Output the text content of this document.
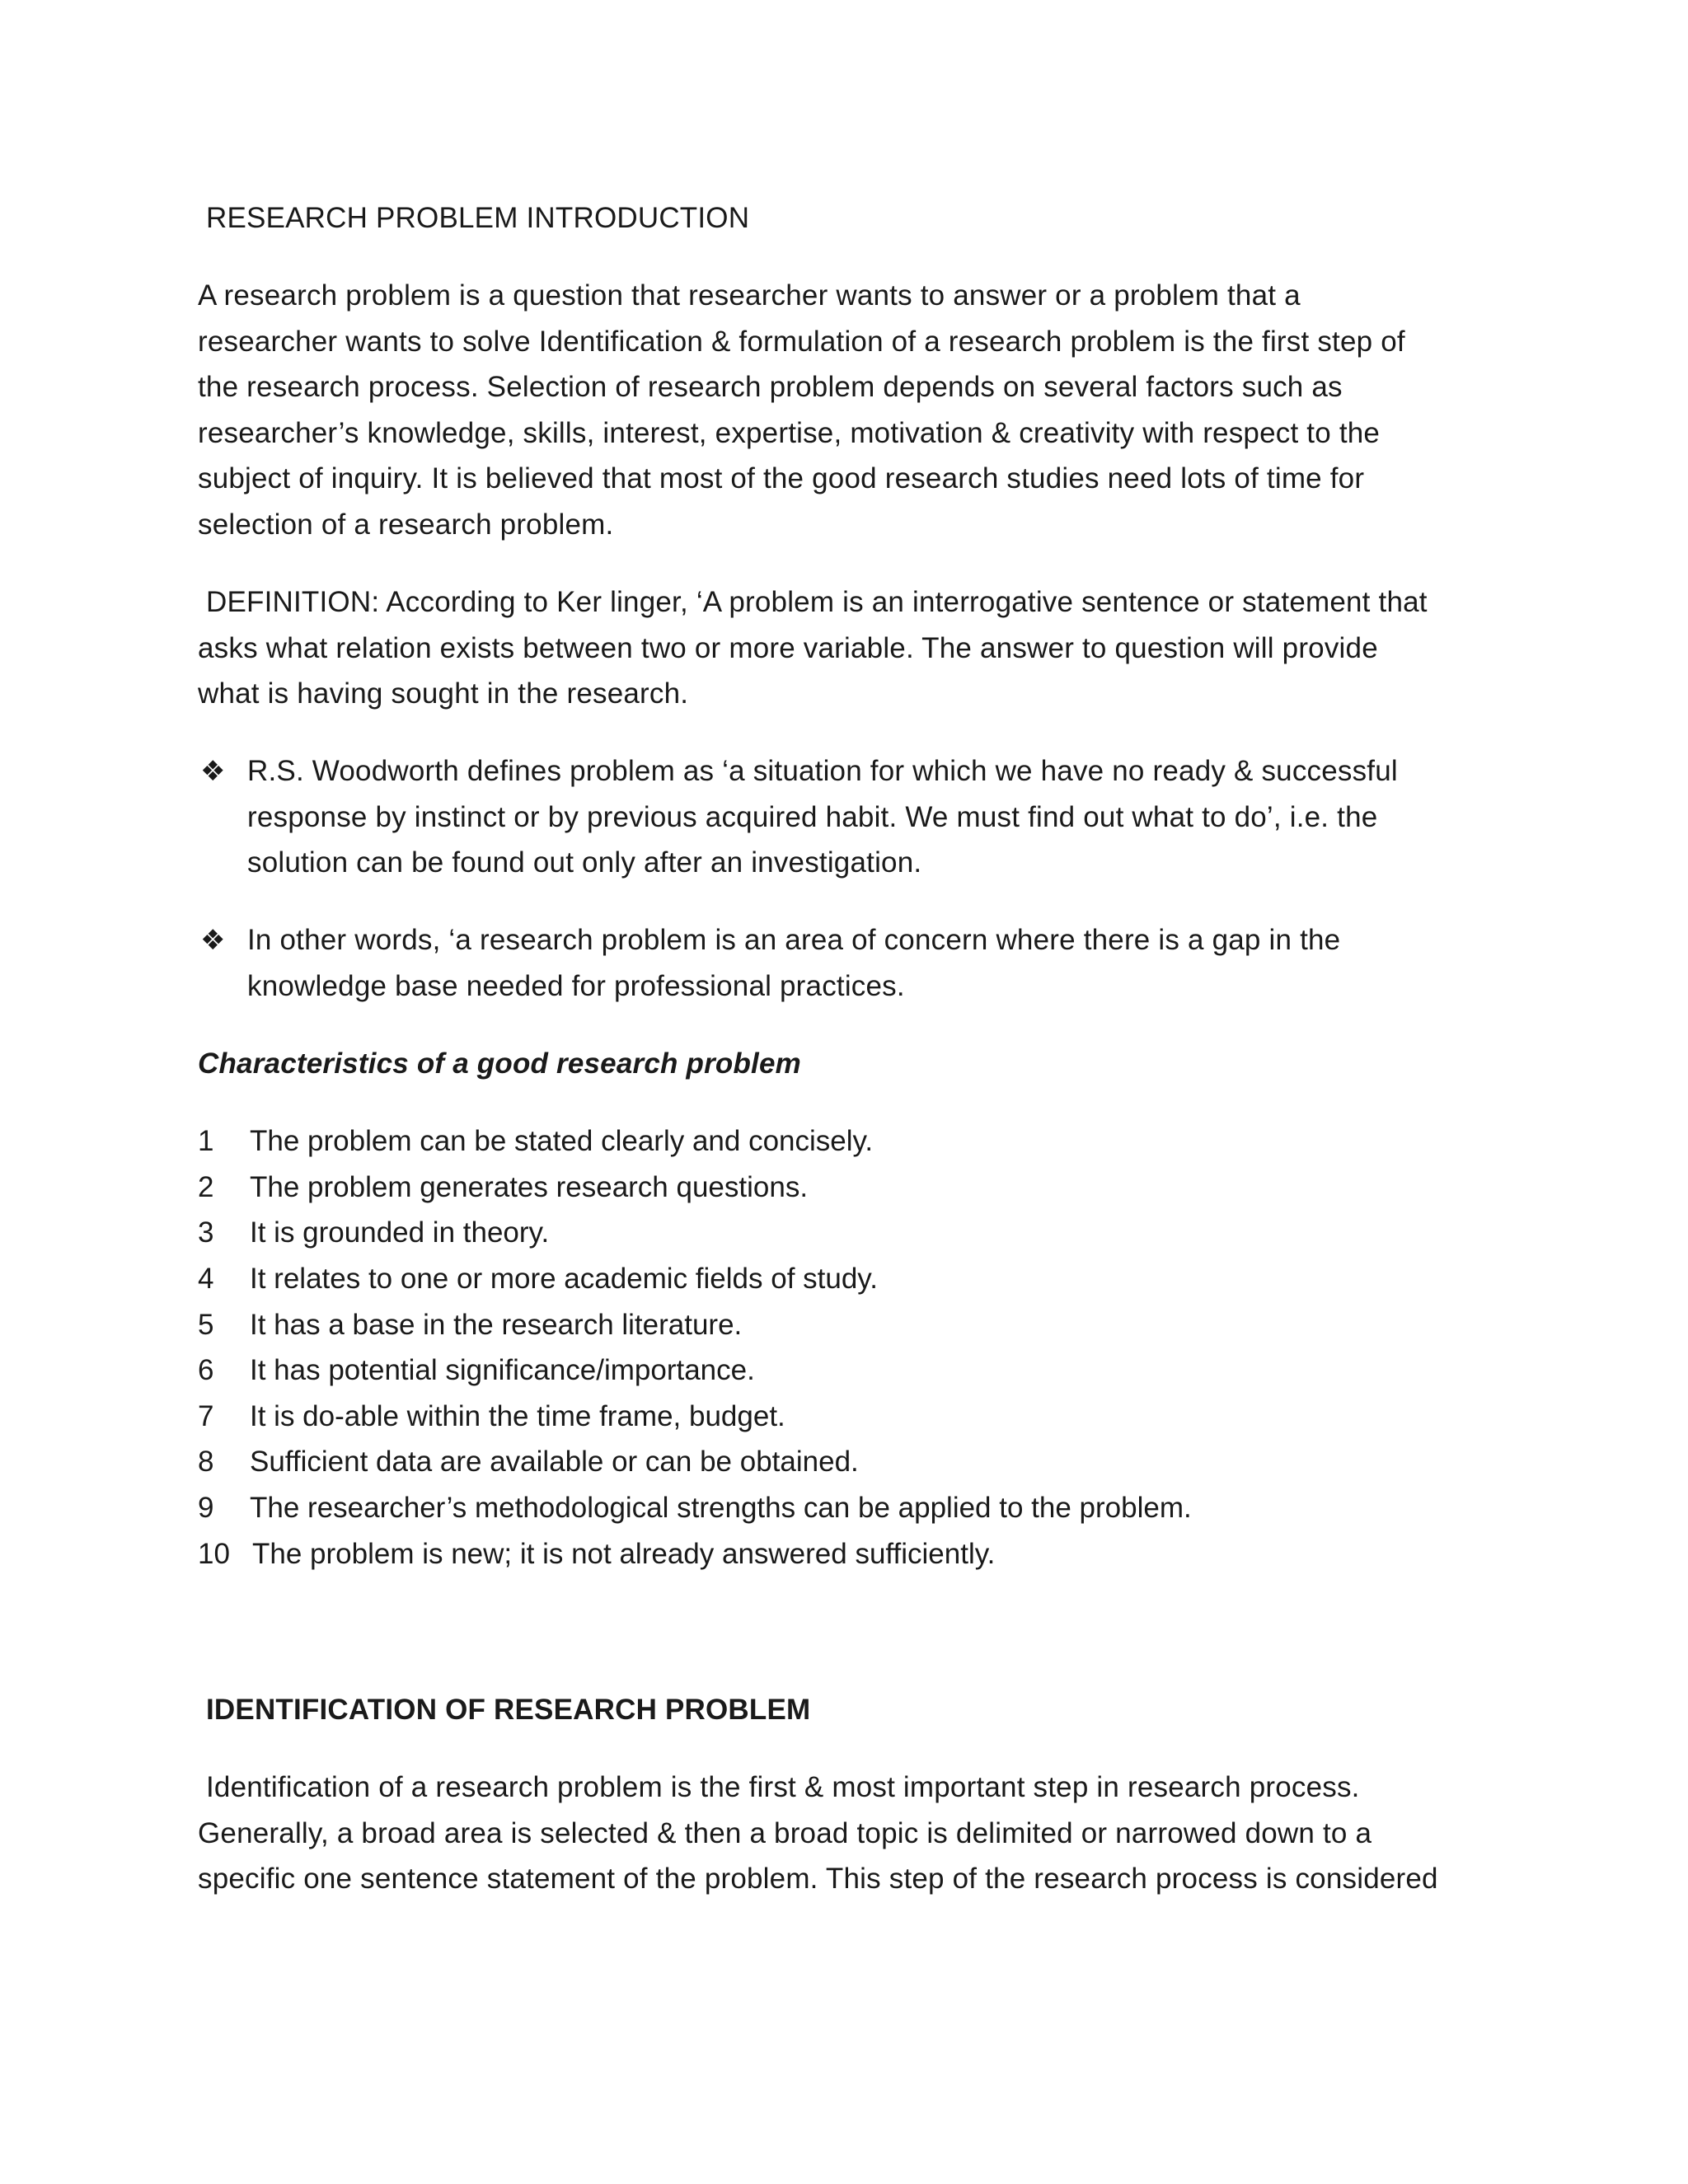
RESEARCH PROBLEM INTRODUCTION
A research problem is a question that researcher wants to answer or a problem that a
researcher wants to solve Identification & formulation of a research problem is the first step of
the research process. Selection of research problem depends on several factors such as
researcher’s knowledge, skills, interest, expertise, motivation & creativity with respect to the
subject of inquiry. It is believed that most of the good research studies need lots of time for
selection of a research problem.
DEFINITION: According to Ker linger, ‘A problem is an interrogative sentence or statement that
asks what relation exists between two or more variable. The answer to question will provide
what is having sought in the research.
❖ R.S. Woodworth defines problem as ‘a situation for which we have no ready & successful
response by instinct or by previous acquired habit. We must find out what to do’, i.e. the
solution can be found out only after an investigation.
❖ In other words, ‘a research problem is an area of concern where there is a gap in the
knowledge base needed for professional practices.
Characteristics of a good research problem
1 The problem can be stated clearly and concisely.
2 The problem generates research questions.
3 It is grounded in theory.
4 It relates to one or more academic fields of study.
5 It has a base in the research literature.
6 It has potential significance/importance.
7 It is do-able within the time frame, budget.
8 Sufficient data are available or can be obtained.
9 The researcher’s methodological strengths can be applied to the problem.
10 The problem is new; it is not already answered sufficiently.
IDENTIFICATION OF RESEARCH PROBLEM
Identification of a research problem is the first & most important step in research process.
Generally, a broad area is selected & then a broad topic is delimited or narrowed down to a
specific one sentence statement of the problem. This step of the research process is considered
